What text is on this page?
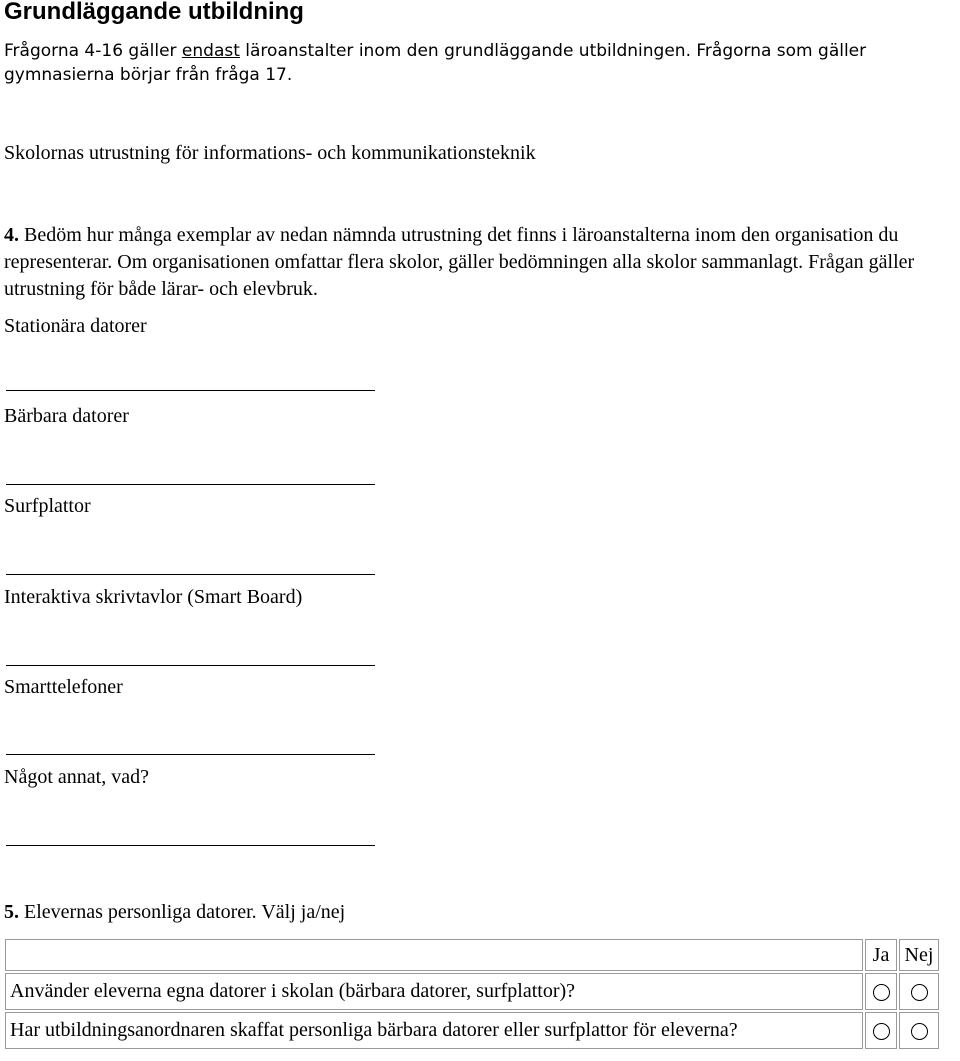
Grundläggande utbildning
Frågorna 4-16 gäller endast läroanstalter inom den grundläggande utbildningen. Frågorna som gäller gymnasierna börjar från fråga 17.
Skolornas utrustning för informations- och kommunikationsteknik
4. Bedöm hur många exemplar av nedan nämnda utrustning det finns i läroanstalterna inom den organisation du representerar. Om organisationen omfattar flera skolor, gäller bedömningen alla skolor sammanlagt. Frågan gäller utrustning för både lärar- och elevbruk.
Stationära datorer
Bärbara datorer
Surfplattor
Interaktiva skrivtavlor (Smart Board)
Smarttelefoner
Något annat, vad?
5. Elevernas personliga datorer. Välj ja/nej
	Ja	Nej
Använder eleverna egna datorer i skolan (bärbara datorer, surfplattor)?		
Har utbildningsanordnaren skaffat personliga bärbara datorer eller surfplattor för eleverna?		
